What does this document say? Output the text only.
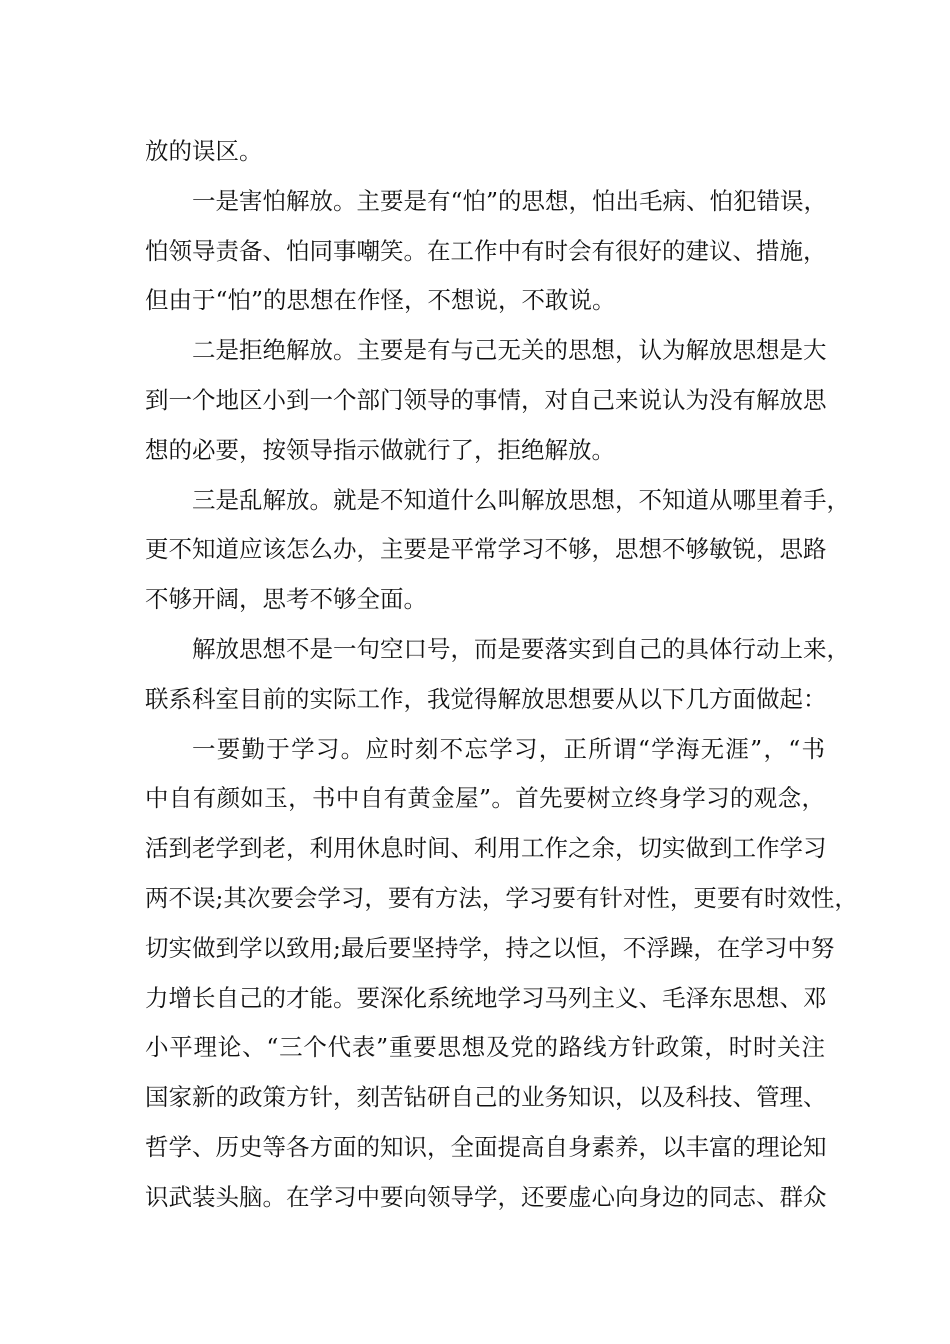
放的误区。
一是害怕解放。主要是有“怕”的思想，怕出毛病、怕犯错误，
怕领导责备、怕同事嘲笑。在工作中有时会有很好的建议、措施，
但由于“怕”的思想在作怪，不想说，不敢说。
二是拒绝解放。主要是有与己无关的思想，认为解放思想是大
到一个地区小到一个部门领导的事情，对自己来说认为没有解放思
想的必要，按领导指示做就行了，拒绝解放。
三是乱解放。就是不知道什么叫解放思想，不知道从哪里着手，
更不知道应该怎么办，主要是平常学习不够，思想不够敏锐，思路
不够开阔，思考不够全面。
解放思想不是一句空口号，而是要落实到自己的具体行动上来，
联系科室目前的实际工作，我觉得解放思想要从以下几方面做起：
一要勤于学习。应时刻不忘学习，正所谓“学海无涯”，“书
中自有颜如玉，书中自有黄金屋”。首先要树立终身学习的观念，
活到老学到老，利用休息时间、利用工作之余，切实做到工作学习
两不误;其次要会学习，要有方法，学习要有针对性，更要有时效性，
切实做到学以致用;最后要坚持学，持之以恒，不浮躁，在学习中努
力增长自己的才能。要深化系统地学习马列主义、毛泽东思想、邓
小平理论、“三个代表”重要思想及党的路线方针政策，时时关注
国家新的政策方针，刻苦钻研自己的业务知识，以及科技、管理、
哲学、历史等各方面的知识，全面提高自身素养，以丰富的理论知
识武装头脑。在学习中要向领导学，还要虚心向身边的同志、群众
